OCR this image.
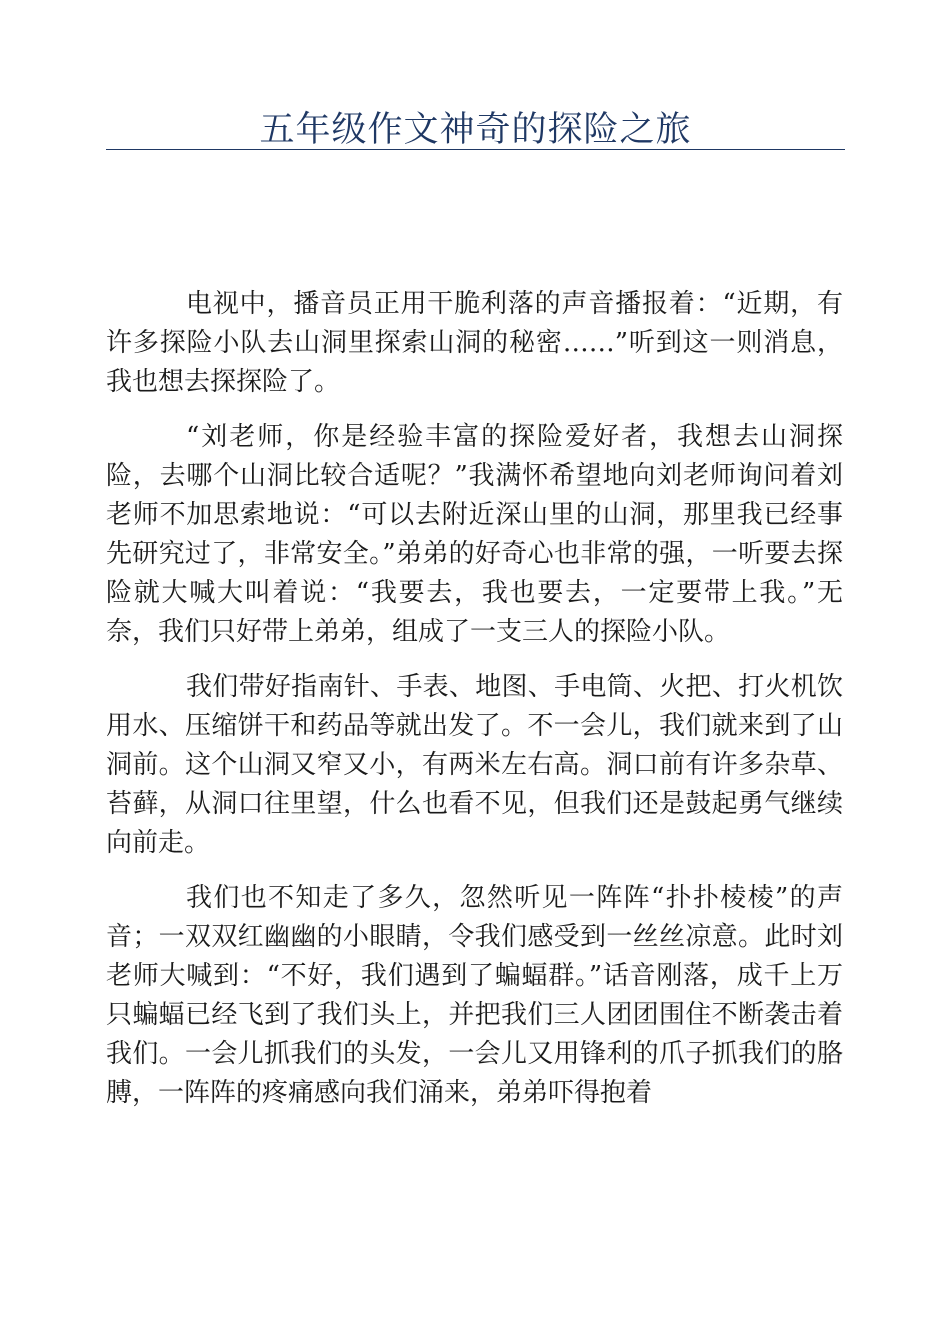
五年级作文神奇的探险之旅

电视中，播音员正用干脆利落的声音播报着：“近期，有许多探险小队去山洞里探索山洞的秘密……”听到这一则消息，我也想去探探险了。

“刘老师，你是经验丰富的探险爱好者，我想去山洞探险，去哪个山洞比较合适呢？”我满怀希望地向刘老师询问着刘老师不加思索地说：“可以去附近深山里的山洞，那里我已经事先研究过了，非常安全。”弟弟的好奇心也非常的强，一听要去探险就大喊大叫着说：“我要去，我也要去，一定要带上我。”无奈，我们只好带上弟弟，组成了一支三人的探险小队。

我们带好指南针、手表、地图、手电筒、火把、打火机饮用水、压缩饼干和药品等就出发了。不一会儿，我们就来到了山洞前。这个山洞又窄又小，有两米左右高。洞口前有许多杂草、苔藓，从洞口往里望，什么也看不见，但我们还是鼓起勇气继续向前走。

我们也不知走了多久，忽然听见一阵阵“扑扑棱棱”的声音；一双双红幽幽的小眼睛，令我们感受到一丝丝凉意。此时刘老师大喊到：“不好，我们遇到了蝙蝠群。”话音刚落，成千上万只蝙蝠已经飞到了我们头上，并把我们三人团团围住不断袭击着我们。一会儿抓我们的头发，一会儿又用锋利的爪子抓我们的胳膊，一阵阵的疼痛感向我们涌来，弟弟吓得抱着
